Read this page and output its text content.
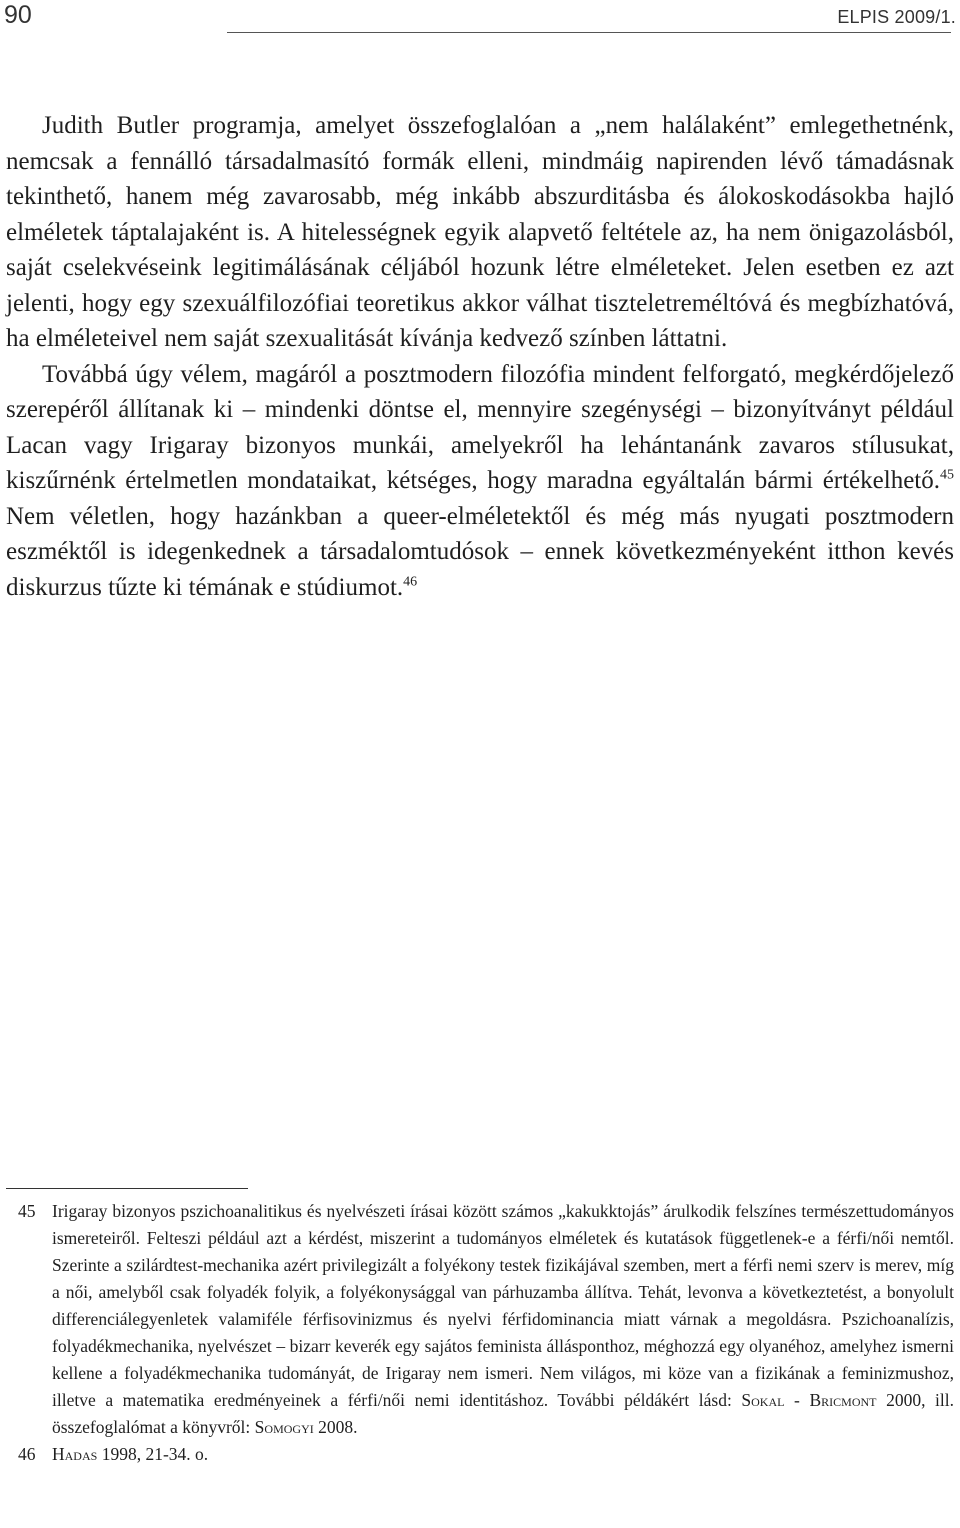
90	ELPIS 2009/1.

Judith Butler programja, amelyet összefoglalóan a „nem halálaként” emlegethetnénk, nemcsak a fennálló társadalmasító formák elleni, mindmáig napirenden lévő támadásnak tekinthető, hanem még zavarosabb, még inkább abszurditásba és álokoskodásokba hajló elméletek táptalajaként is. A hitelességnek egyik alapvető feltétele az, ha nem önigazolásból, saját cselekvéseink legitimálásának céljából hozunk létre elméleteket. Jelen esetben ez azt jelenti, hogy egy szexuálfilozófiai teoretikus akkor válhat tiszteletreméltóvá és megbízhatóvá, ha elméleteivel nem saját szexualitását kívánja kedvező színben láttatni.

Továbbá úgy vélem, magáról a posztmodern filozófia mindent felforgató, megkérdőjelező szerepéről állítanak ki – mindenki döntse el, mennyire szegénységi – bizonyítványt például Lacan vagy Irigaray bizonyos munkái, amelyekről ha lehántanánk zavaros stílusukat, kiszűrnénk értelmetlen mondataikat, kétséges, hogy maradna egyáltalán bármi értékelhető.$^{45}$ Nem véletlen, hogy hazánkban a queer-elméletektől és még más nyugati posztmodern eszméktől is idegenkednek a társadalomtudósok – ennek következményeként itthon kevés diskurzus tűzte ki témának e stúdiumot.$^{46}$

45 Irigaray bizonyos pszichoanalitikus és nyelvészeti írásai között számos „kakukktojás” árulkodik felszínes természettudományos ismereteiről. Felteszi például azt a kérdést, miszerint a tudományos elméletek és kutatások függetlenek-e a férfi/női nemtől. Szerinte a szilárdtest-mechanika azért privilegizált a folyékony testek fizikájával szemben, mert a férfi nemi szerv is merev, míg a női, amelyből csak folyadék folyik, a folyékonysággal van párhuzamba állítva. Tehát, levonva a következtetést, a bonyolult differenciálegyenletek valamiféle férfisovinizmus és nyelvi férfidominancia miatt várnak a megoldásra. Pszichoanalízis, folyadékmechanika, nyelvészet – bizarr keverék egy sajátos feminista állásponthoz, méghozzá egy olyanéhoz, amelyhez ismerni kellene a folyadékmechanika tudományát, de Irigaray nem ismeri. Nem világos, mi köze van a fizikának a feminizmushoz, illetve a matematika eredményeinek a férfi/női nemi identitáshoz. További példákért lásd: Sokal - Bricmont 2000, ill. összefoglalómat a könyvről: Somogyi 2008.
46 Hadas 1998, 21-34. o.
